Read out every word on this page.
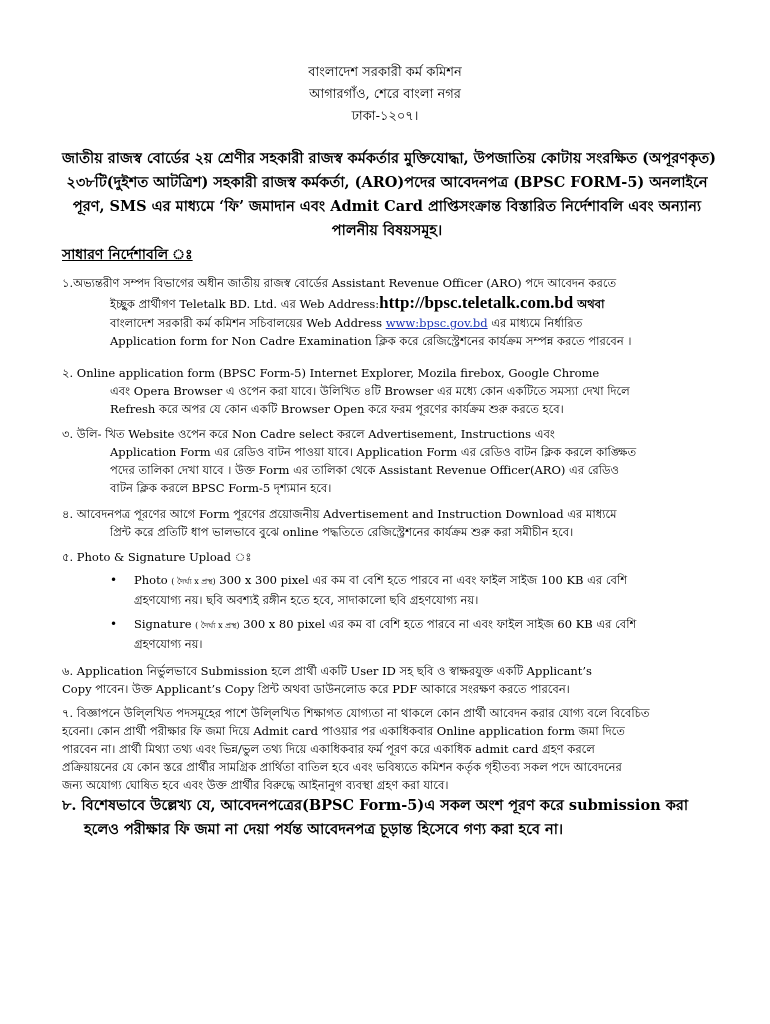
বাংলাদেশ সরকারী কর্ম কমিশন
আগারগাঁও, শেরে বাংলা নগর
ঢাকা-১২০৭।
জাতীয় রাজস্ব বোর্ডের ২য় শ্রেণীর সহকারী রাজস্ব কর্মকর্তার মুক্তিযোদ্ধা, উপজাতিয় কোটায় সংরক্ষিত (অপূরণকৃত)
২৩৮টি(দুইশত আটত্রিশ) সহকারী রাজস্ব কর্মকর্তা, (ARO)পদের আবেদনপত্র (BPSC FORM-5) অনলাইনে
পূরণ, SMS এর মাধ্যমে ‘ফি’ জমাদান এবং Admit Card প্রাপ্তিসংক্রান্ত বিস্তারিত নির্দেশাবলি এবং অন্যান্য
পালনীয় বিষয়সমূহ।
সাধারণ নির্দেশাবলি ঃ
১.অভ্যন্তরীণ সম্পদ বিভাগের অধীন জাতীয় রাজস্ব বোর্ডের Assistant Revenue Officer (ARO) পদে আবেদন করতে
ইচ্ছুক প্রার্থীগণ Teletalk BD. Ltd. এর Web Address:http://bpsc.teletalk.com.bd অথবা
বাংলাদেশ সরকারী কর্ম কমিশন সচিবালয়ের Web Address www:bpsc.gov.bd এর মাধ্যমে নির্ধারিত
Application form for Non Cadre Examination ক্লিক করে রেজিস্ট্রেশনের কার্যক্রম সম্পন্ন করতে পারবেন ।
২. Online application form (BPSC Form-5) Internet Explorer, Mozila firebox, Google Chrome
এবং Opera Browser এ ওপেন করা যাবে। উলিখিত ৪টি Browser এর মধ্যে কোন একটিতে সমস্যা দেখা দিলে
Refresh করে অপর যে কোন একটি Browser Open করে ফরম পূরণের কার্যক্রম শুরু করতে হবে।
৩. উলি- খিত Website ওপেন করে Non Cadre select করলে Advertisement, Instructions এবং
Application Form এর রেডিও বাটন পাওয়া যাবে। Application Form এর রেডিও বাটন ক্লিক করলে কাঙ্ক্ষিত
পদের তালিকা দেখা যাবে । উক্ত Form এর তালিকা থেকে Assistant Revenue Officer(ARO) এর রেডিও
বাটন ক্লিক করলে BPSC Form-5 দৃশ্যমান হবে।
৪. আবেদনপত্র পূরণের আগে Form পূরণের প্রয়োজনীয় Advertisement and Instruction Download এর মাধ্যমে
প্রিন্ট করে প্রতিটি ধাপ ভালভাবে বুঝে online পদ্ধতিতে রেজিস্ট্রেশনের কার্যক্রম শুরু করা সমীচীন হবে।
৫. Photo & Signature Upload ঃ
• Photo ( দৈর্ঘ্য x প্রস্থ) 300 x 300 pixel এর কম বা বেশি হতে পারবে না এবং ফাইল সাইজ 100 KB এর বেশি
গ্রহণযোগ্য নয়। ছবি অবশ্যই রঙ্গীন হতে হবে, সাদাকালো ছবি গ্রহণযোগ্য নয়।
• Signature ( দৈর্ঘ্য x প্রস্থ) 300 x 80 pixel এর কম বা বেশি হতে পারবে না এবং ফাইল সাইজ 60 KB এর বেশি
গ্রহণযোগ্য নয়।
৬. Application নির্ভুলভাবে Submission হলে প্রার্থী একটি User ID সহ ছবি ও স্বাক্ষরযুক্ত একটি Applicant’s
Copy পাবেন। উক্ত Applicant’s Copy প্রিন্ট অথবা ডাউনলোড করে PDF আকারে সংরক্ষণ করতে পারবেন।
৭. বিজ্ঞাপনে উলি্লখিত পদসমূহের পাশে উলি্লখিত শিক্ষাগত যোগ্যতা না থাকলে কোন প্রার্থী আবেদন করার যোগ্য বলে বিবেচিত
হবেনা। কোন প্রার্থী পরীক্ষার ফি জমা দিয়ে Admit card পাওয়ার পর একাধিকবার Online application form জমা দিতে
পারবেন না। প্রার্থী মিথ্যা তথ্য এবং ভিন্ন/ভুল তথ্য দিয়ে একাধিকবার ফর্ম পূরণ করে একাধিক admit card গ্রহণ করলে
প্রক্রিয়ায়নের যে কোন স্তরে প্রার্থীর সামগ্রিক প্রার্থিতা বাতিল হবে এবং ভবিষ্যতে কমিশন কর্তৃক গৃহীতব্য সকল পদে আবেদনের
জন্য অযোগ্য ঘোষিত হবে এবং উক্ত প্রার্থীর বিরুদ্ধে আইনানুগ ব্যবস্থা গ্রহণ করা যাবে।
৮. বিশেষভাবে উল্লেখ্য যে, আবেদনপত্রের(BPSC Form-5)এ সকল অংশ পূরণ করে submission করা
হলেও পরীক্ষার ফি জমা না দেয়া পর্যন্ত আবেদনপত্র চূড়ান্ত হিসেবে গণ্য করা হবে না।
